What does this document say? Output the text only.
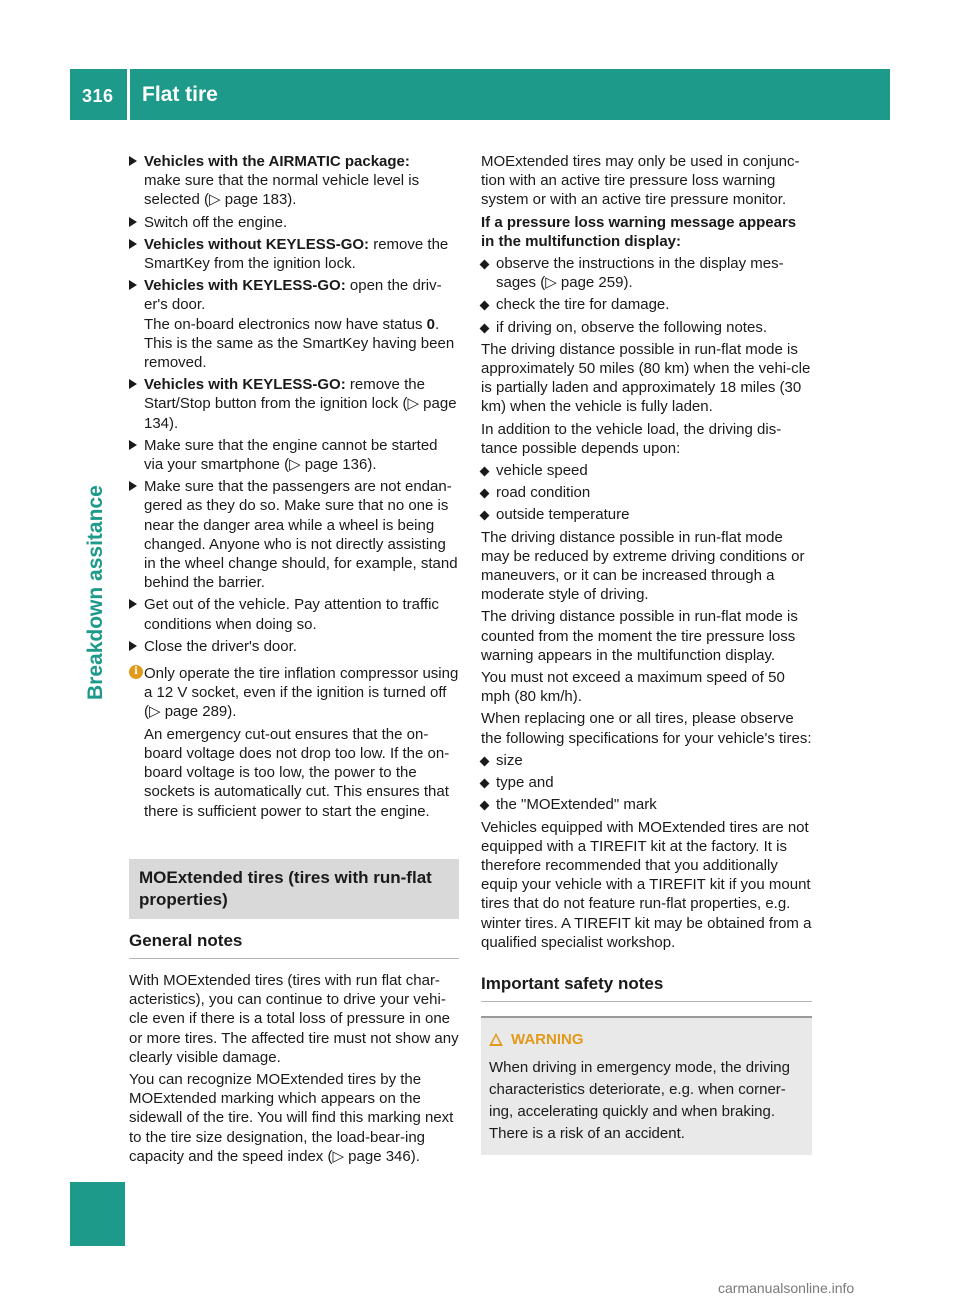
316 Flat tire
Breakdown assitance
Vehicles with the AIRMATIC package:
make sure that the normal vehicle level is selected (▷ page 183).
Switch off the engine.
Vehicles without KEYLESS-GO: remove the SmartKey from the ignition lock.
Vehicles with KEYLESS-GO: open the driv-er's door.
The on-board electronics now have status 0. This is the same as the SmartKey having been removed.
Vehicles with KEYLESS-GO: remove the Start/Stop button from the ignition lock (▷ page 134).
Make sure that the engine cannot be started via your smartphone (▷ page 136).
Make sure that the passengers are not endan-gered as they do so. Make sure that no one is near the danger area while a wheel is being changed. Anyone who is not directly assisting in the wheel change should, for example, stand behind the barrier.
Get out of the vehicle. Pay attention to traffic conditions when doing so.
Close the driver's door.
i Only operate the tire inflation compressor using a 12 V socket, even if the ignition is turned off (▷ page 289).

An emergency cut-out ensures that the on-board voltage does not drop too low. If the on-board voltage is too low, the power to the sockets is automatically cut. This ensures that there is sufficient power to start the engine.

MOExtended tires (tires with run-flat properties)
General notes

With MOExtended tires (tires with run flat char-acteristics), you can continue to drive your vehi-cle even if there is a total loss of pressure in one or more tires. The affected tire must not show any clearly visible damage.

You can recognize MOExtended tires by the MOExtended marking which appears on the sidewall of the tire. You will find this marking next to the tire size designation, the load-bear-ing capacity and the speed index (▷ page 346).

MOExtended tires may only be used in conjunc-tion with an active tire pressure loss warning system or with an active tire pressure monitor.

If a pressure loss warning message appears in the multifunction display:

observe the instructions in the display mes-sages (▷ page 259).
check the tire for damage.
if driving on, observe the following notes.

The driving distance possible in run-flat mode is approximately 50 miles (80 km) when the vehi-cle is partially laden and approximately 18 miles (30 km) when the vehicle is fully laden.

In addition to the vehicle load, the driving dis-tance possible depends upon:

vehicle speed
road condition
outside temperature

The driving distance possible in run-flat mode may be reduced by extreme driving conditions or maneuvers, or it can be increased through a moderate style of driving.

The driving distance possible in run-flat mode is counted from the moment the tire pressure loss warning appears in the multifunction display.

You must not exceed a maximum speed of 50 mph (80 km/h).

When replacing one or all tires, please observe the following specifications for your vehicle's tires:

size
type and
the "MOExtended" mark

Vehicles equipped with MOExtended tires are not equipped with a TIREFIT kit at the factory. It is therefore recommended that you additionally equip your vehicle with a TIREFIT kit if you mount tires that do not feature run-flat properties, e.g. winter tires. A TIREFIT kit may be obtained from a qualified specialist workshop.

Important safety notes
WARNING
When driving in emergency mode, the driving characteristics deteriorate, e.g. when corner-ing, accelerating quickly and when braking. There is a risk of an accident.
carmanualsonline.info
